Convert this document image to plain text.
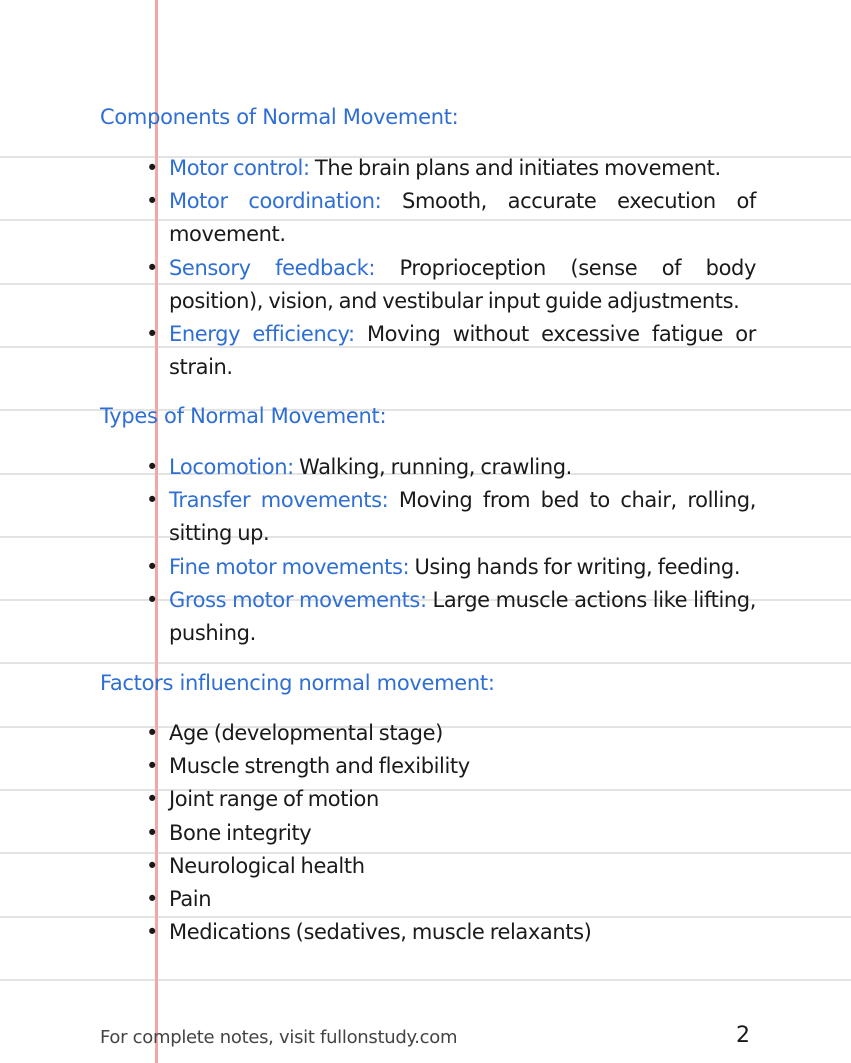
Components of Normal Movement:
• Motor control: The brain plans and initiates movement.
• Motor coordination: Smooth, accurate execution of movement.
• Sensory feedback: Proprioception (sense of body position), vision, and vestibular input guide adjustments.
• Energy efficiency: Moving without excessive fatigue or strain.
Types of Normal Movement:
• Locomotion: Walking, running, crawling.
• Transfer movements: Moving from bed to chair, rolling, sitting up.
• Fine motor movements: Using hands for writing, feeding.
• Gross motor movements: Large muscle actions like lifting, pushing.
Factors influencing normal movement:
• Age (developmental stage)
• Muscle strength and flexibility
• Joint range of motion
• Bone integrity
• Neurological health
• Pain
• Medications (sedatives, muscle relaxants)
For complete notes, visit fullonstudy.com	2
